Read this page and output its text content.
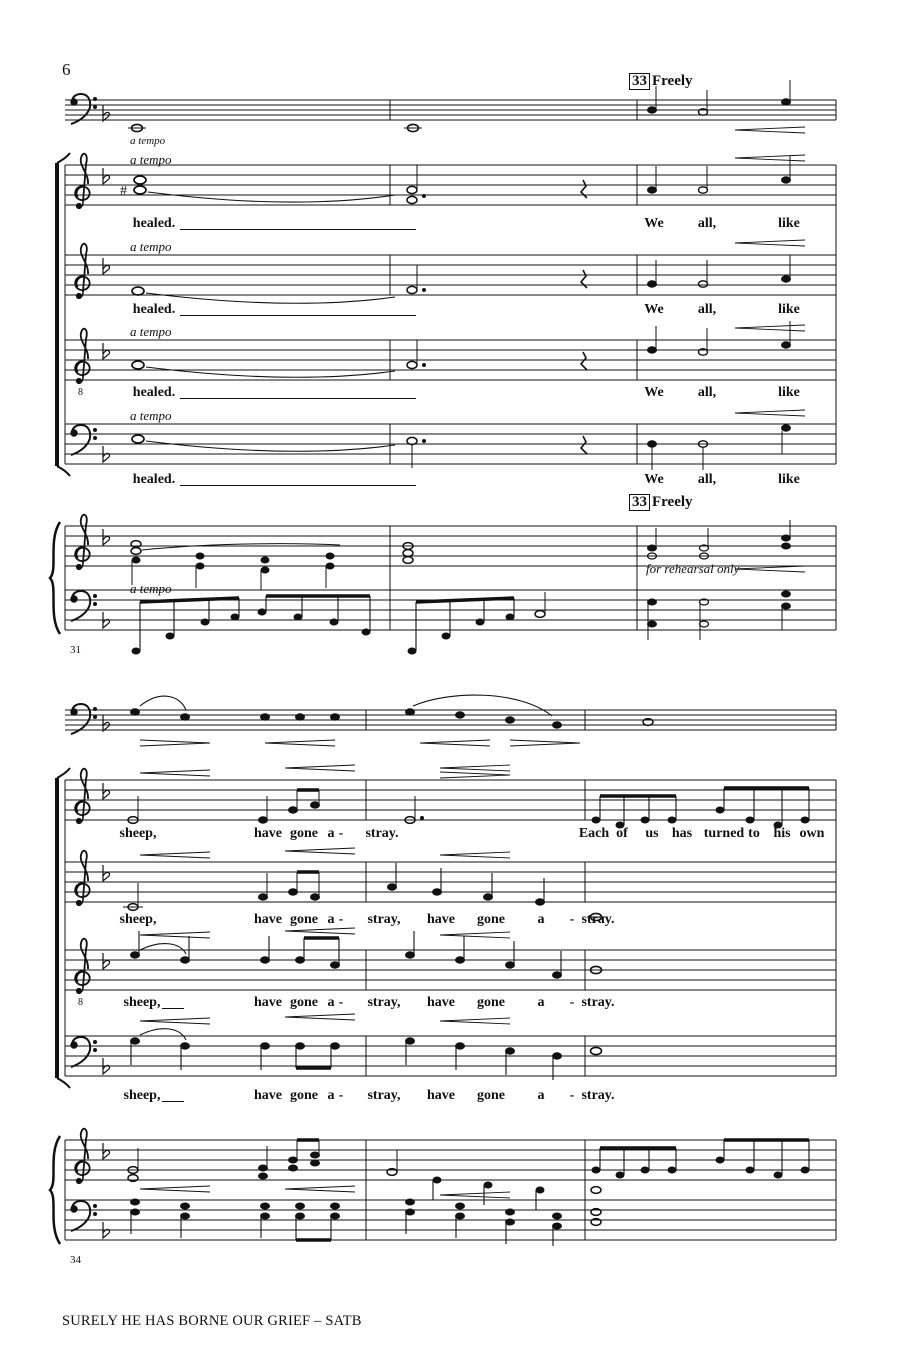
8
#
8
6
33 Freely
a tempo
a tempo
a tempo
a tempo
a tempo
33 Freely
a tempo
for rehearsal only
31
healed.	We all,	like
healed.	We all,	like
healed.	We all,	like
healed.	We all,	like
sheep,	have gone a - stray.	Each of us has turned to his own
sheep,	have gone a - stray, have gone a - stray.
sheep,	have gone a - stray, have gone a - stray.
sheep,	have gone a - stray, have gone a - stray.
34
SURELY HE HAS BORNE OUR GRIEF – SATB
